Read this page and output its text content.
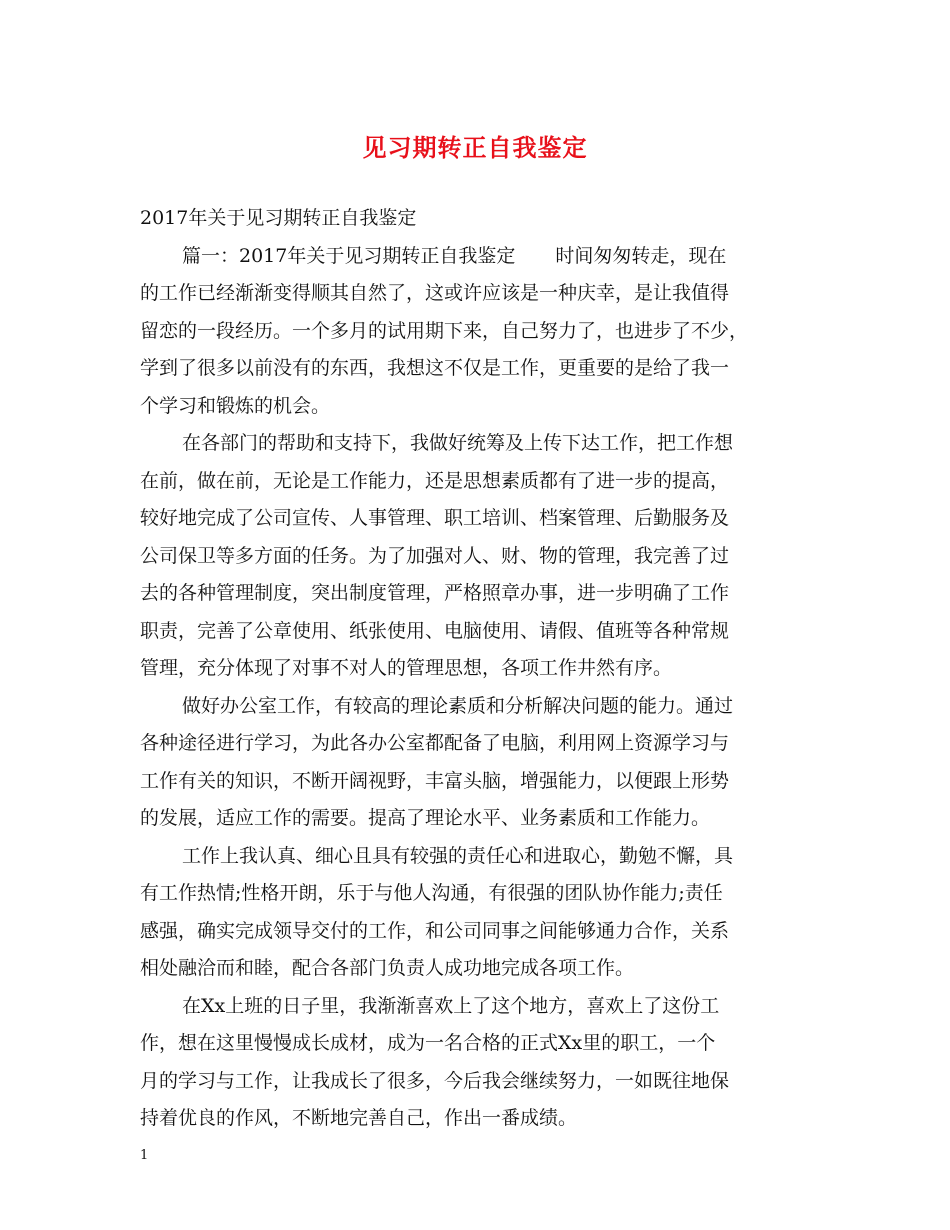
见习期转正自我鉴定
2017年关于见习期转正自我鉴定
篇一：2017年关于见习期转正自我鉴定 时间匆匆转走，现在
的工作已经渐渐变得顺其自然了，这或许应该是一种庆幸，是让我值得
留恋的一段经历。一个多月的试用期下来，自己努力了，也进步了不少，
学到了很多以前没有的东西，我想这不仅是工作，更重要的是给了我一
个学习和锻炼的机会。
在各部门的帮助和支持下，我做好统筹及上传下达工作，把工作想
在前，做在前，无论是工作能力，还是思想素质都有了进一步的提高，
较好地完成了公司宣传、人事管理、职工培训、档案管理、后勤服务及
公司保卫等多方面的任务。为了加强对人、财、物的管理，我完善了过
去的各种管理制度，突出制度管理，严格照章办事，进一步明确了工作
职责，完善了公章使用、纸张使用、电脑使用、请假、值班等各种常规
管理，充分体现了对事不对人的管理思想，各项工作井然有序。
做好办公室工作，有较高的理论素质和分析解决问题的能力。通过
各种途径进行学习，为此各办公室都配备了电脑，利用网上资源学习与
工作有关的知识，不断开阔视野，丰富头脑，增强能力，以便跟上形势
的发展，适应工作的需要。提高了理论水平、业务素质和工作能力。
工作上我认真、细心且具有较强的责任心和进取心，勤勉不懈，具
有工作热情;性格开朗，乐于与他人沟通，有很强的团队协作能力;责任
感强，确实完成领导交付的工作，和公司同事之间能够通力合作，关系
相处融洽而和睦，配合各部门负责人成功地完成各项工作。
在Xx上班的日子里，我渐渐喜欢上了这个地方，喜欢上了这份工
作，想在这里慢慢成长成材，成为一名合格的正式Xx里的职工，一个
月的学习与工作，让我成长了很多，今后我会继续努力，一如既往地保
持着优良的作风，不断地完善自己，作出一番成绩。
1
